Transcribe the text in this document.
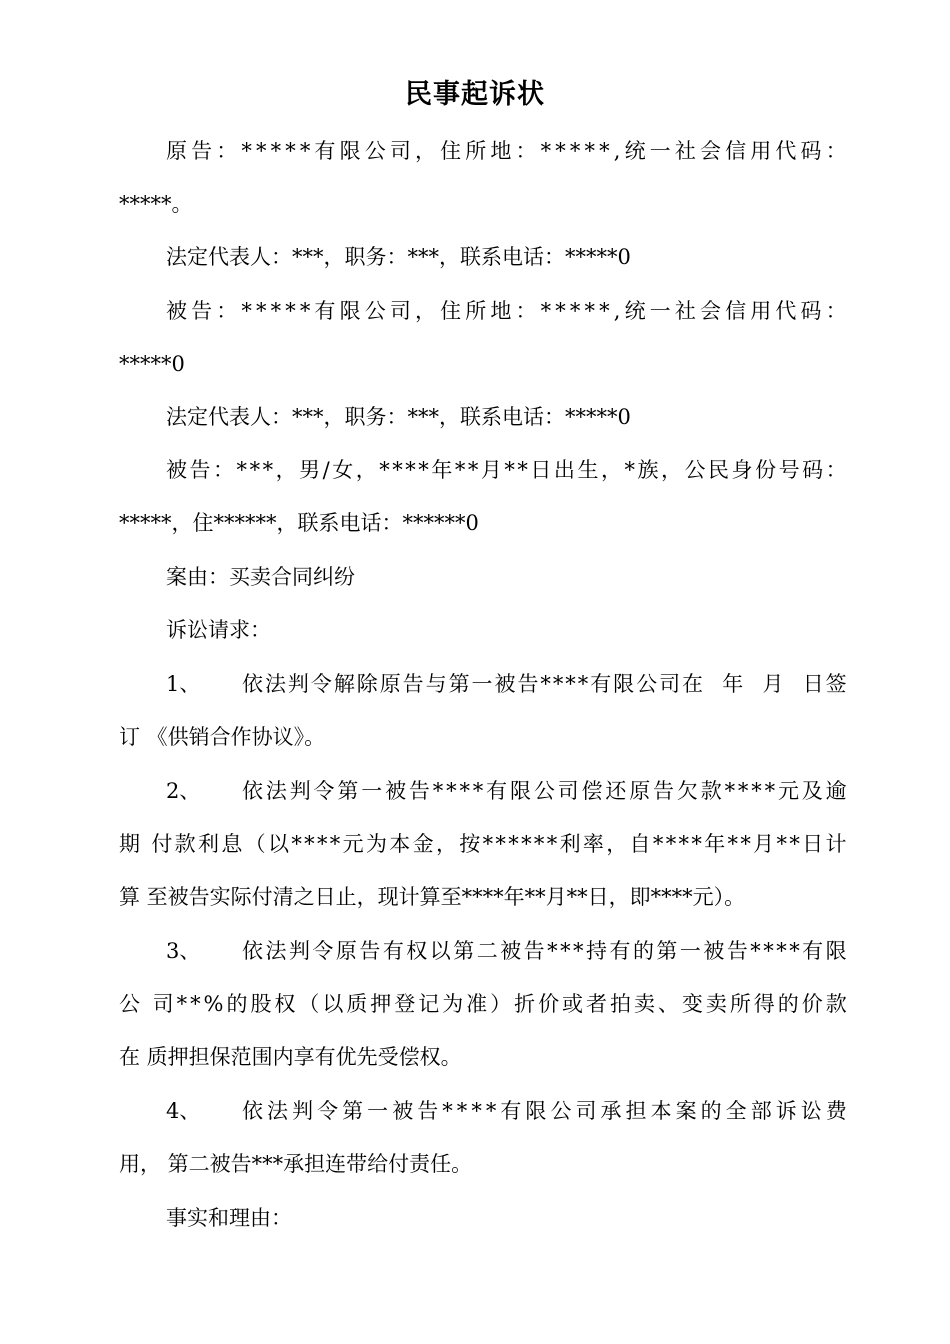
民事起诉状
原 告 ： * * * * * 有 限 公 司 ， 住 所 地 ： * * * * * , 统 一 社 会 信 用 代 码 ：
*****。
法定代表人：***，职务：***，联系电话：*****0
被 告 ： * * * * * 有 限 公 司 ， 住 所 地 ： * * * * * , 统 一 社 会 信 用 代 码 ：
*****0
法定代表人：***，职务：***，联系电话：*****0
被 告 ： * * * ， 男 / 女 ， * * * * 年 * * 月 * * 日 出 生 ， * 族 ， 公 民 身 份 号 码 ：
*****，住******，联系电话：******0
案由：买卖合同纠纷
诉讼请求：
1、	依 法 判 令 解 除 原 告 与 第 一 被 告 * * * * 有 限 公 司 在

年

月

日 签
订 《供销合作协议》。
2、	依 法 判 令 第 一 被 告 * * * * 有 限 公 司 偿 还 原 告 欠 款 * * * * 元 及 逾
期
付 款 利 息 （ 以 * * * * 元 为 本 金 ， 按 * * * * * * 利 率 ， 自 * * * * 年 * * 月 * * 日 计
算 至被告实际付清之日止，现计算至****年**月**日，即****元）。
3、	依 法 判 令 原 告 有 权 以 第 二 被 告 * * * 持 有 的 第 一 被 告 * * * * 有 限
公
司 * * % 的 股 权 （ 以 质 押 登 记 为 准 ） 折 价 或 者 拍 卖 、 变 卖 所 得 的 价 款
在 质押担保范围内享有优先受偿权。
4、	依 法 判 令 第 一 被 告 * * * * 有 限 公 司 承 担 本 案 的 全 部 诉 讼 费
用， 第二被告***承担连带给付责任。
事实和理由：
